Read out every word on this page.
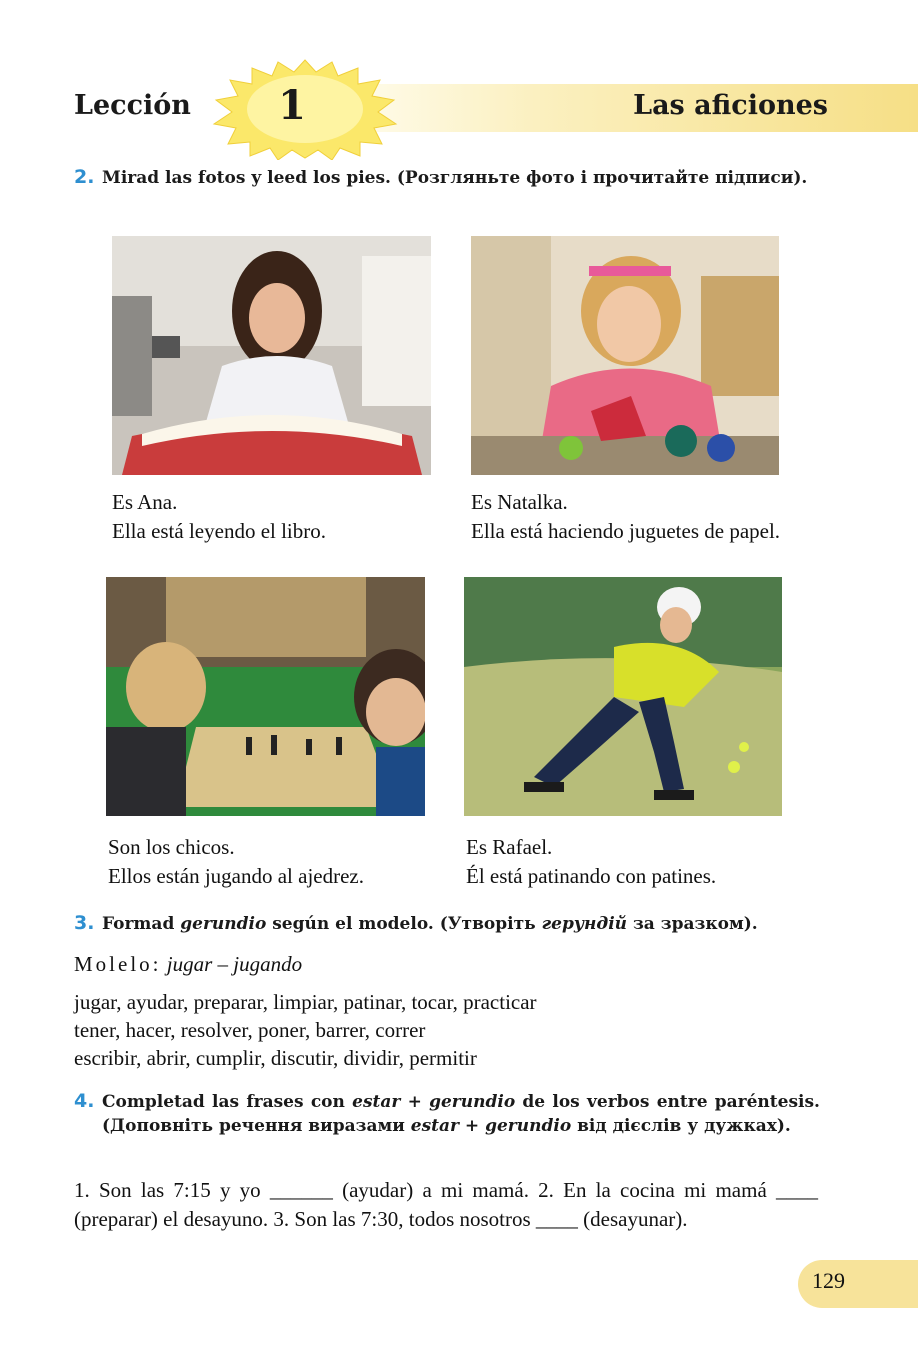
Lección	1	Las aficiones
2. Mirad las fotos y leed los pies. (Розгляньте фото і прочитайте підписи).
Es Ana.
Ella está leyendo el libro.
Es Natalka.
Ella está haciendo juguetes de papel.
Son los chicos.
Ellos están jugando al ajedrez.
Es Rafael.
Él está patinando con patines.
3. Formad gerundio según el modelo. (Утворіть герундій за зразком).
Molelo: jugar – jugando
jugar, ayudar, preparar, limpiar, patinar, tocar, practicar
tener, hacer, resolver, poner, barrer, correr
escribir, abrir, cumplir, discutir, dividir, permitir
4. Completad las frases con estar + gerundio de los verbos entre paréntesis. (Доповніть речення виразами estar + gerundio від дієслів у дужках).
1. Son las 7:15 y yo ______ (ayudar) a mi mamá. 2. En la cocina mi mamá ____ (preparar) el desayuno. 3. Son las 7:30, todos nosotros ____ (desayunar).
129
